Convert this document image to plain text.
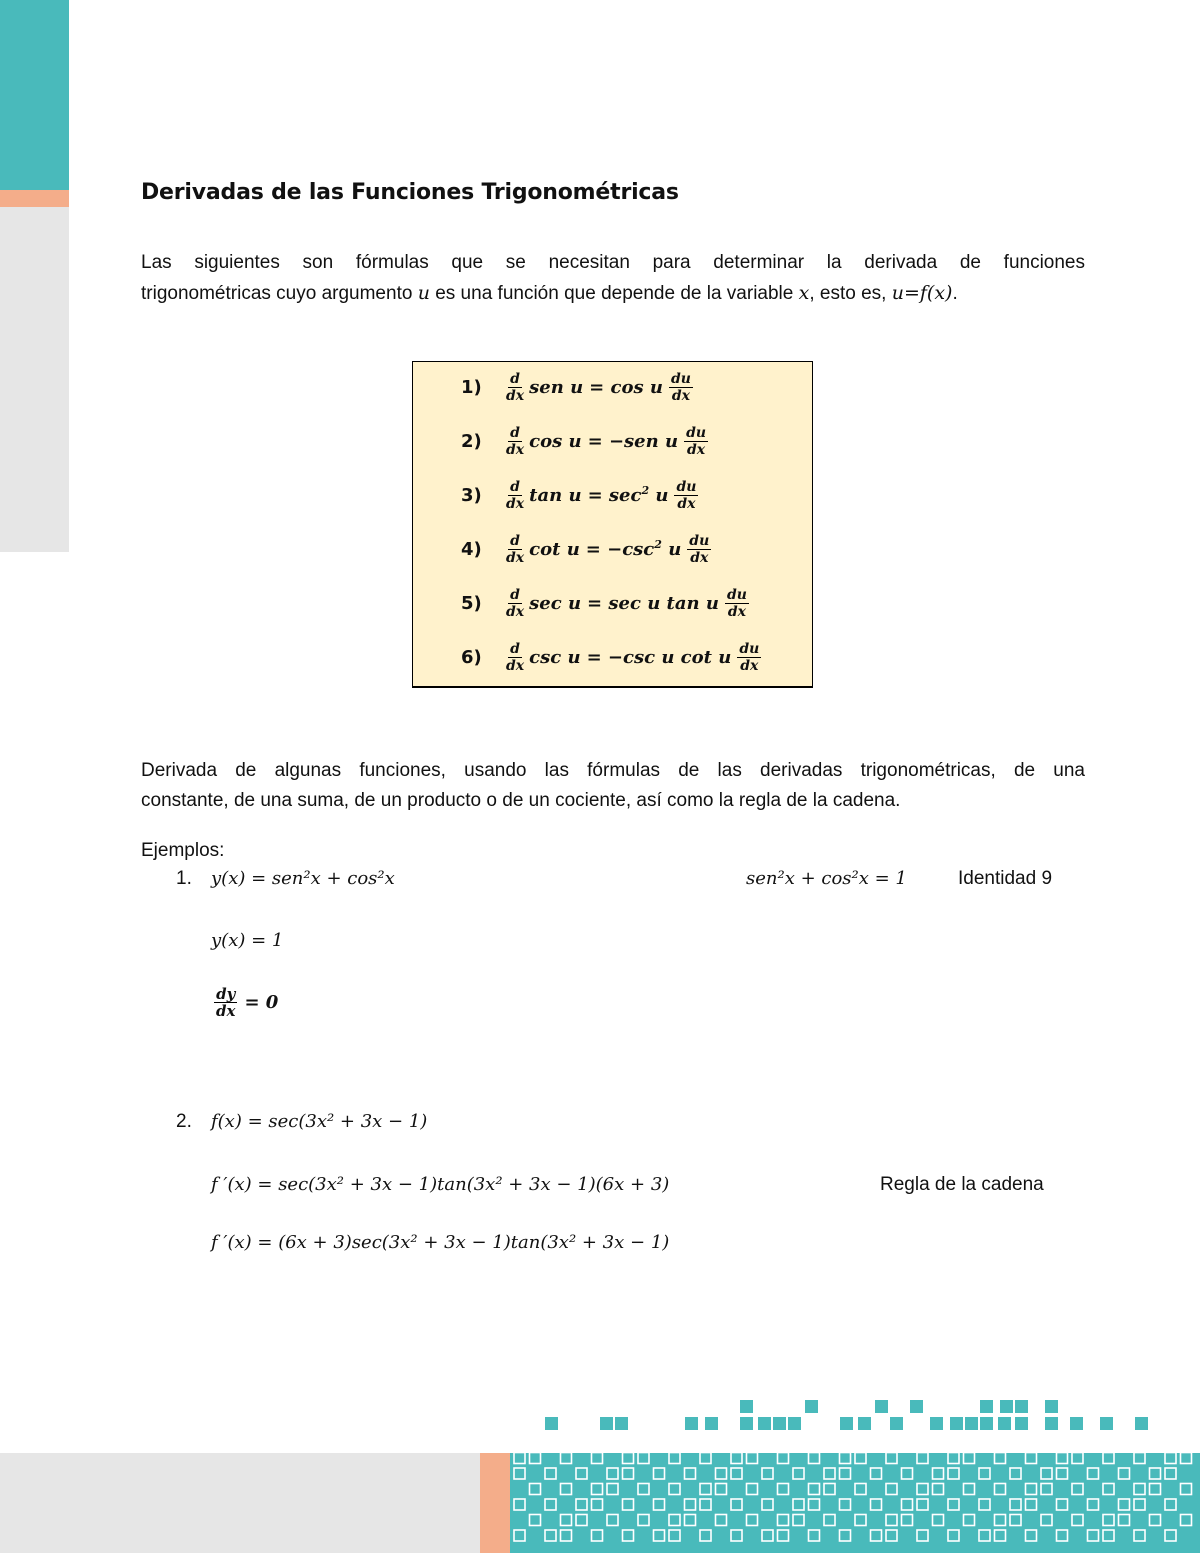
Derivadas de las Funciones Trigonométricas
Las siguientes son fórmulas que se necesitan para determinar la derivada de funciones
trigonométricas cuyo argumento u es una función que depende de la variable x, esto es, u=f(x).
1)	$\frac{d}{dx}$ sen u = cos u $\frac{du}{dx}$
2)	$\frac{d}{dx}$ cos u = −sen u $\frac{du}{dx}$
3)	$\frac{d}{dx}$ $\tan u = \sec^2 u \frac{du}{dx}$
4)	$\frac{d}{dx}$ $\cot u = -\csc^2$ u $\frac{du}{dx}$
5)	$\frac{d}{dx}$ sec u = sec u tan u $\frac{du}{dx}$
6)	$\frac{d}{dx}$ csc u = −csc u cot u $\frac{du}{dx}$
Derivada de algunas funciones, usando las fórmulas de las derivadas trigonométricas, de una
constante, de una suma, de un producto o de un cociente, así como la regla de la cadena.
Ejemplos:
1. y(x) = sen²x + cos²x	sen²x + cos²x = 1	Identidad 9
y(x) = 1
$\frac{dy}{dx} = 0$
2. f(x) = sec(3x² + 3x − 1)
f ′(x) = sec(3x² + 3x − 1)tan(3x² + 3x − 1)(6x + 3)	Regla de la cadena
f ′(x) = (6x + 3)sec(3x² + 3x − 1)tan(3x² + 3x − 1)
